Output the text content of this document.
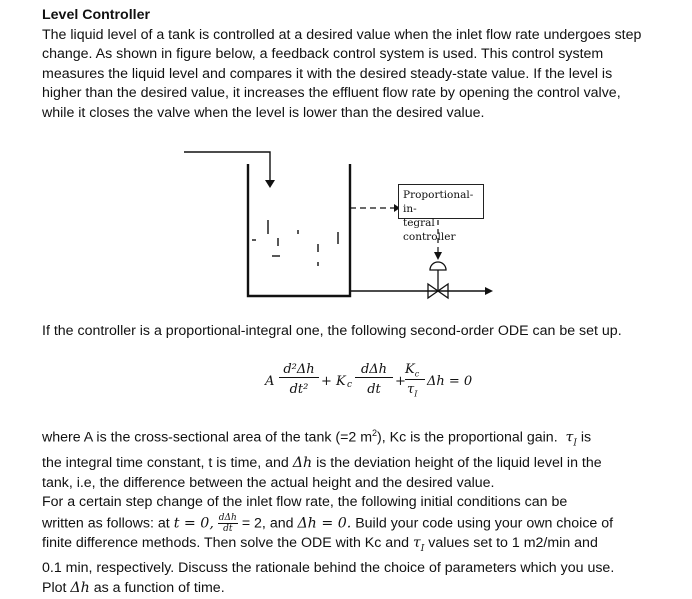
Level Controller

The liquid level of a tank is controlled at a desired value when the inlet flow rate undergoes step change. As shown in figure below, a feedback control system is used. This control system measures the liquid level and compares it with the desired steady-state value. If the level is higher than the desired value, it increases the effluent flow rate by opening the control valve, while it closes the valve when the level is lower than the desired value.

Proportional-in-
tegral controller
If the controller is a proportional-integral one, the following second-order ODE can be set up.
A
d²Δh
dt²
+ K c
dΔh
dt
+
$K_c$
$\tau_I$
Δh = 0
where A is the cross-sectional area of the tank (=2 $m^2$), Kc is the proportional gain. $\tau_I$ is
the integral time constant, t is time, and Δh is the deviation height of the liquid level in the
tank, i.e, the difference between the actual height and the desired value.
For a certain step change of the inlet flow rate, the following initial conditions can be
written as follows: at t = 0, $\frac{\text{dΔh}}{dt} = 2$, and Δh = 0. Build your code using your own choice of
finite difference methods. Then solve the ODE with Kc and $\tau_I$ values set to 1 m2/min and
0.1 min, respectively. Discuss the rationale behind the choice of parameters which you use.
Plot Δh as a function of time.
